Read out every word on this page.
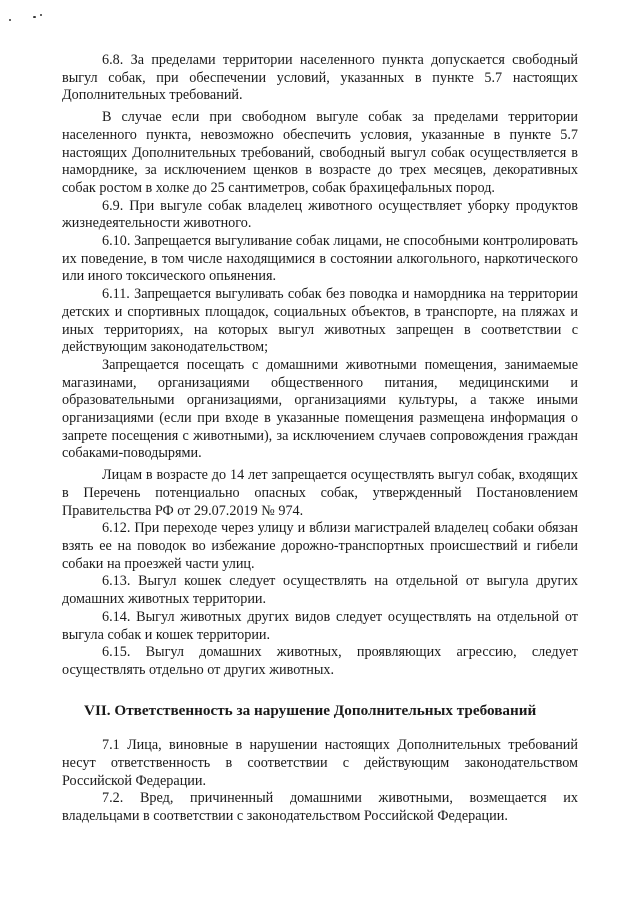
6.8. За пределами территории населенного пункта допускается свободный выгул собак, при обеспечении условий, указанных в пункте 5.7 настоящих Дополнительных требований.

В случае если при свободном выгуле собак за пределами территории населенного пункта, невозможно обеспечить условия, указанные в пункте 5.7 настоящих Дополнительных требований, свободный выгул собак осуществляется в наморднике, за исключением щенков в возрасте до трех месяцев, декоративных собак ростом в холке до 25 сантиметров, собак брахицефальных пород.

6.9. При выгуле собак владелец животного осуществляет уборку продуктов жизнедеятельности животного.

6.10. Запрещается выгуливание собак лицами, не способными контролировать их поведение, в том числе находящимися в состоянии алкогольного, наркотического или иного токсического опьянения.

6.11. Запрещается выгуливать собак без поводка и намордника на территории детских и спортивных площадок, социальных объектов, в транспорте, на пляжах и иных территориях, на которых выгул животных запрещен в соответствии с действующим законодательством;

Запрещается посещать с домашними животными помещения, занимаемые магазинами, организациями общественного питания, медицинскими и образовательными организациями, организациями культуры, а также иными организациями (если при входе в указанные помещения размещена информация о запрете посещения с животными), за исключением случаев сопровождения граждан собаками-поводырями.

Лицам в возрасте до 14 лет запрещается осуществлять выгул собак, входящих в Перечень потенциально опасных собак, утвержденный Постановлением Правительства РФ от 29.07.2019 № 974.

6.12. При переходе через улицу и вблизи магистралей владелец собаки обязан взять ее на поводок во избежание дорожно-транспортных происшествий и гибели собаки на проезжей части улиц.

6.13. Выгул кошек следует осуществлять на отдельной от выгула других домашних животных территории.

6.14. Выгул животных других видов следует осуществлять на отдельной от выгула собак и кошек территории.

6.15. Выгул домашних животных, проявляющих агрессию, следует осуществлять отдельно от других животных.

VII. Ответственность за нарушение Дополнительных требований

7.1 Лица, виновные в нарушении настоящих Дополнительных требований несут ответственность в соответствии с действующим законодательством Российской Федерации.

7.2. Вред, причиненный домашними животными, возмещается их владельцами в соответствии с законодательством Российской Федерации.
